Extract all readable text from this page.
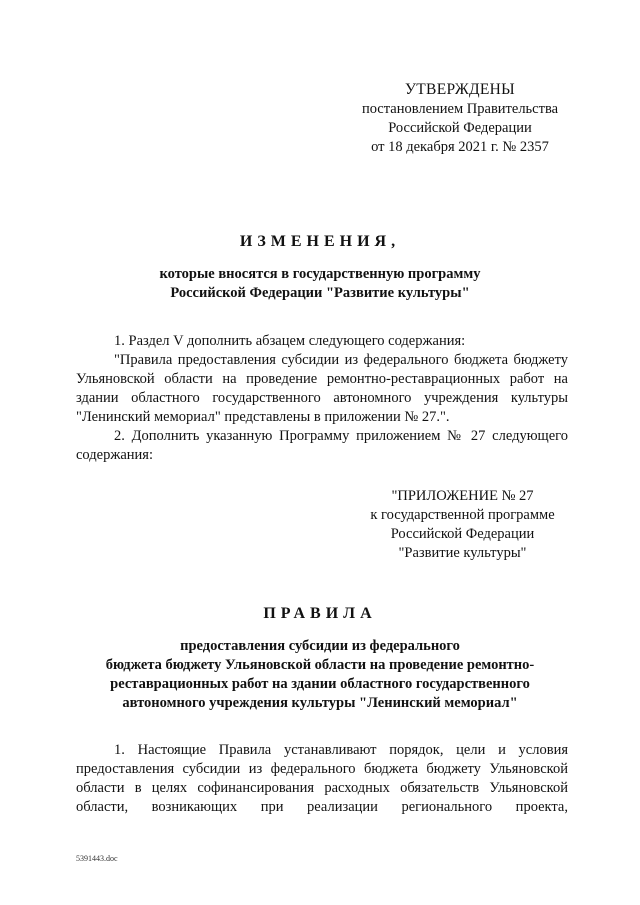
УТВЕРЖДЕНЫ
постановлением Правительства
Российской Федерации
от 18 декабря 2021 г. № 2357
ИЗМЕНЕНИЯ,
которые вносятся в государственную программу
Российской Федерации "Развитие культуры"

1. Раздел V дополнить абзацем следующего содержания:

"Правила предоставления субсидии из федерального бюджета бюджету Ульяновской области на проведение ремонтно-реставрационных работ на здании областного государственного автономного учреждения культуры "Ленинский мемориал" представлены в приложении № 27.".

2. Дополнить указанную Программу приложением № 27 следующего содержания:

"ПРИЛОЖЕНИЕ № 27
к государственной программе
Российской Федерации
"Развитие культуры"
ПРАВИЛА
предоставления субсидии из федерального
бюджета бюджету Ульяновской области на проведение ремонтно-
реставрационных работ на здании областного государственного
автономного учреждения культуры "Ленинский мемориал"

1. Настоящие Правила устанавливают порядок, цели и условия предоставления субсидии из федерального бюджета бюджету Ульяновской области в целях софинансирования расходных обязательств Ульяновской области, возникающих при реализации регионального проекта,

5391443.doc
